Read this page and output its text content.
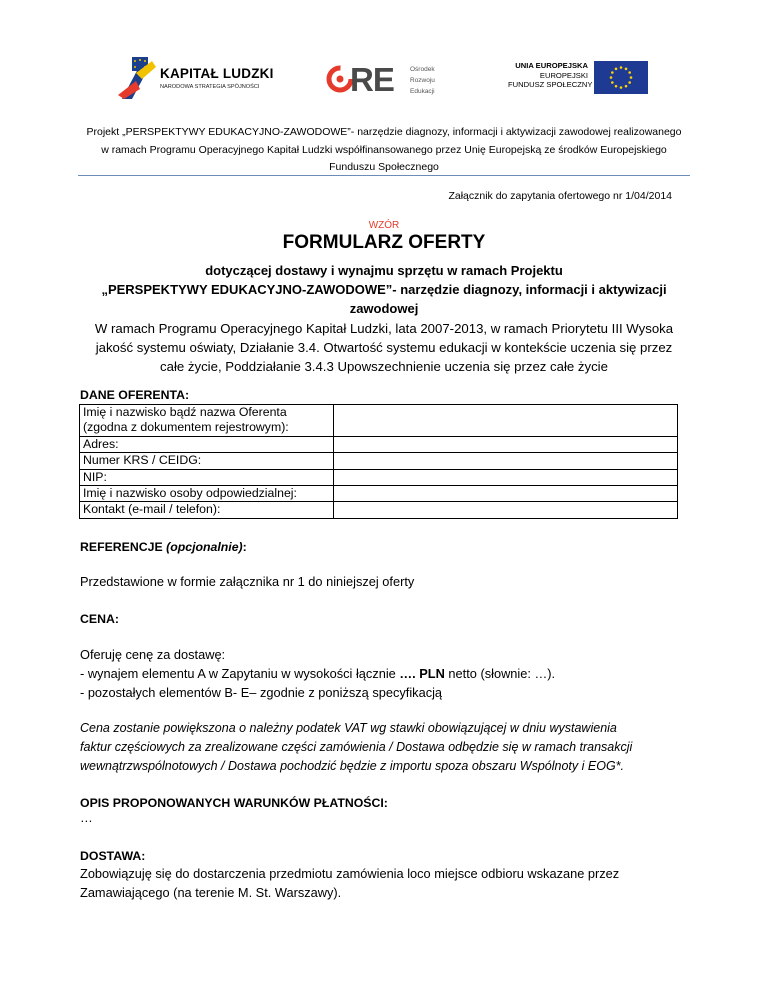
KAPITAŁ LUDZKI
NARODOWA STRATEGIA SPÓJNOŚCI	RE Ośrodek
Rozwoju
Edukacji
UNIA EUROPEJSKA
EUROPEJSKI
FUNDUSZ SPOŁECZNY
Projekt „PERSPEKTYWY EDUKACYJNO-ZAWODOWE”- narzędzie diagnozy, informacji i aktywizacji zawodowej realizowanego
w ramach Programu Operacyjnego Kapitał Ludzki współfinansowanego przez Unię Europejską ze środków Europejskiego
Funduszu Społecznego
Załącznik do zapytania ofertowego nr 1/04/2014
WZÓR
FORMULARZ OFERTY
dotyczącej dostawy i wynajmu sprzętu w ramach Projektu
„PERSPEKTYWY EDUKACYJNO-ZAWODOWE”- narzędzie diagnozy, informacji i aktywizacji
zawodowej
W ramach Programu Operacyjnego Kapitał Ludzki, lata 2007-2013, w ramach Priorytetu III Wysoka
jakość systemu oświaty, Działanie 3.4. Otwartość systemu edukacji w kontekście uczenia się przez
całe życie, Poddziałanie 3.4.3 Upowszechnienie uczenia się przez całe życie
DANE OFERENTA:
Imię i nazwisko bądź nazwa Oferenta
(zgodna z dokumentem rejestrowym):	

Adres:	
Numer KRS / CEIDG:	
NIP:	
Imię i nazwisko osoby odpowiedzialnej:	
Kontakt (e-mail / telefon):	
REFERENCJE (opcjonalnie):
Przedstawione w formie załącznika nr 1 do niniejszej oferty
CENA:
Oferuję cenę za dostawę:
- wynajem elementu A w Zapytaniu w wysokości łącznie …. PLN netto (słownie: …).
- pozostałych elementów B- E– zgodnie z poniższą specyfikacją
Cena zostanie powiększona o należny podatek VAT wg stawki obowiązującej w dniu wystawienia
faktur częściowych za zrealizowane części zamówienia / Dostawa odbędzie się w ramach transakcji
wewnątrzwspólnotowych / Dostawa pochodzić będzie z importu spoza obszaru Wspólnoty i EOG*.
OPIS PROPONOWANYCH WARUNKÓW PŁATNOŚCI:
…
DOSTAWA:
Zobowiązuję się do dostarczenia przedmiotu zamówienia loco miejsce odbioru wskazane przez
Zamawiającego (na terenie M. St. Warszawy).
